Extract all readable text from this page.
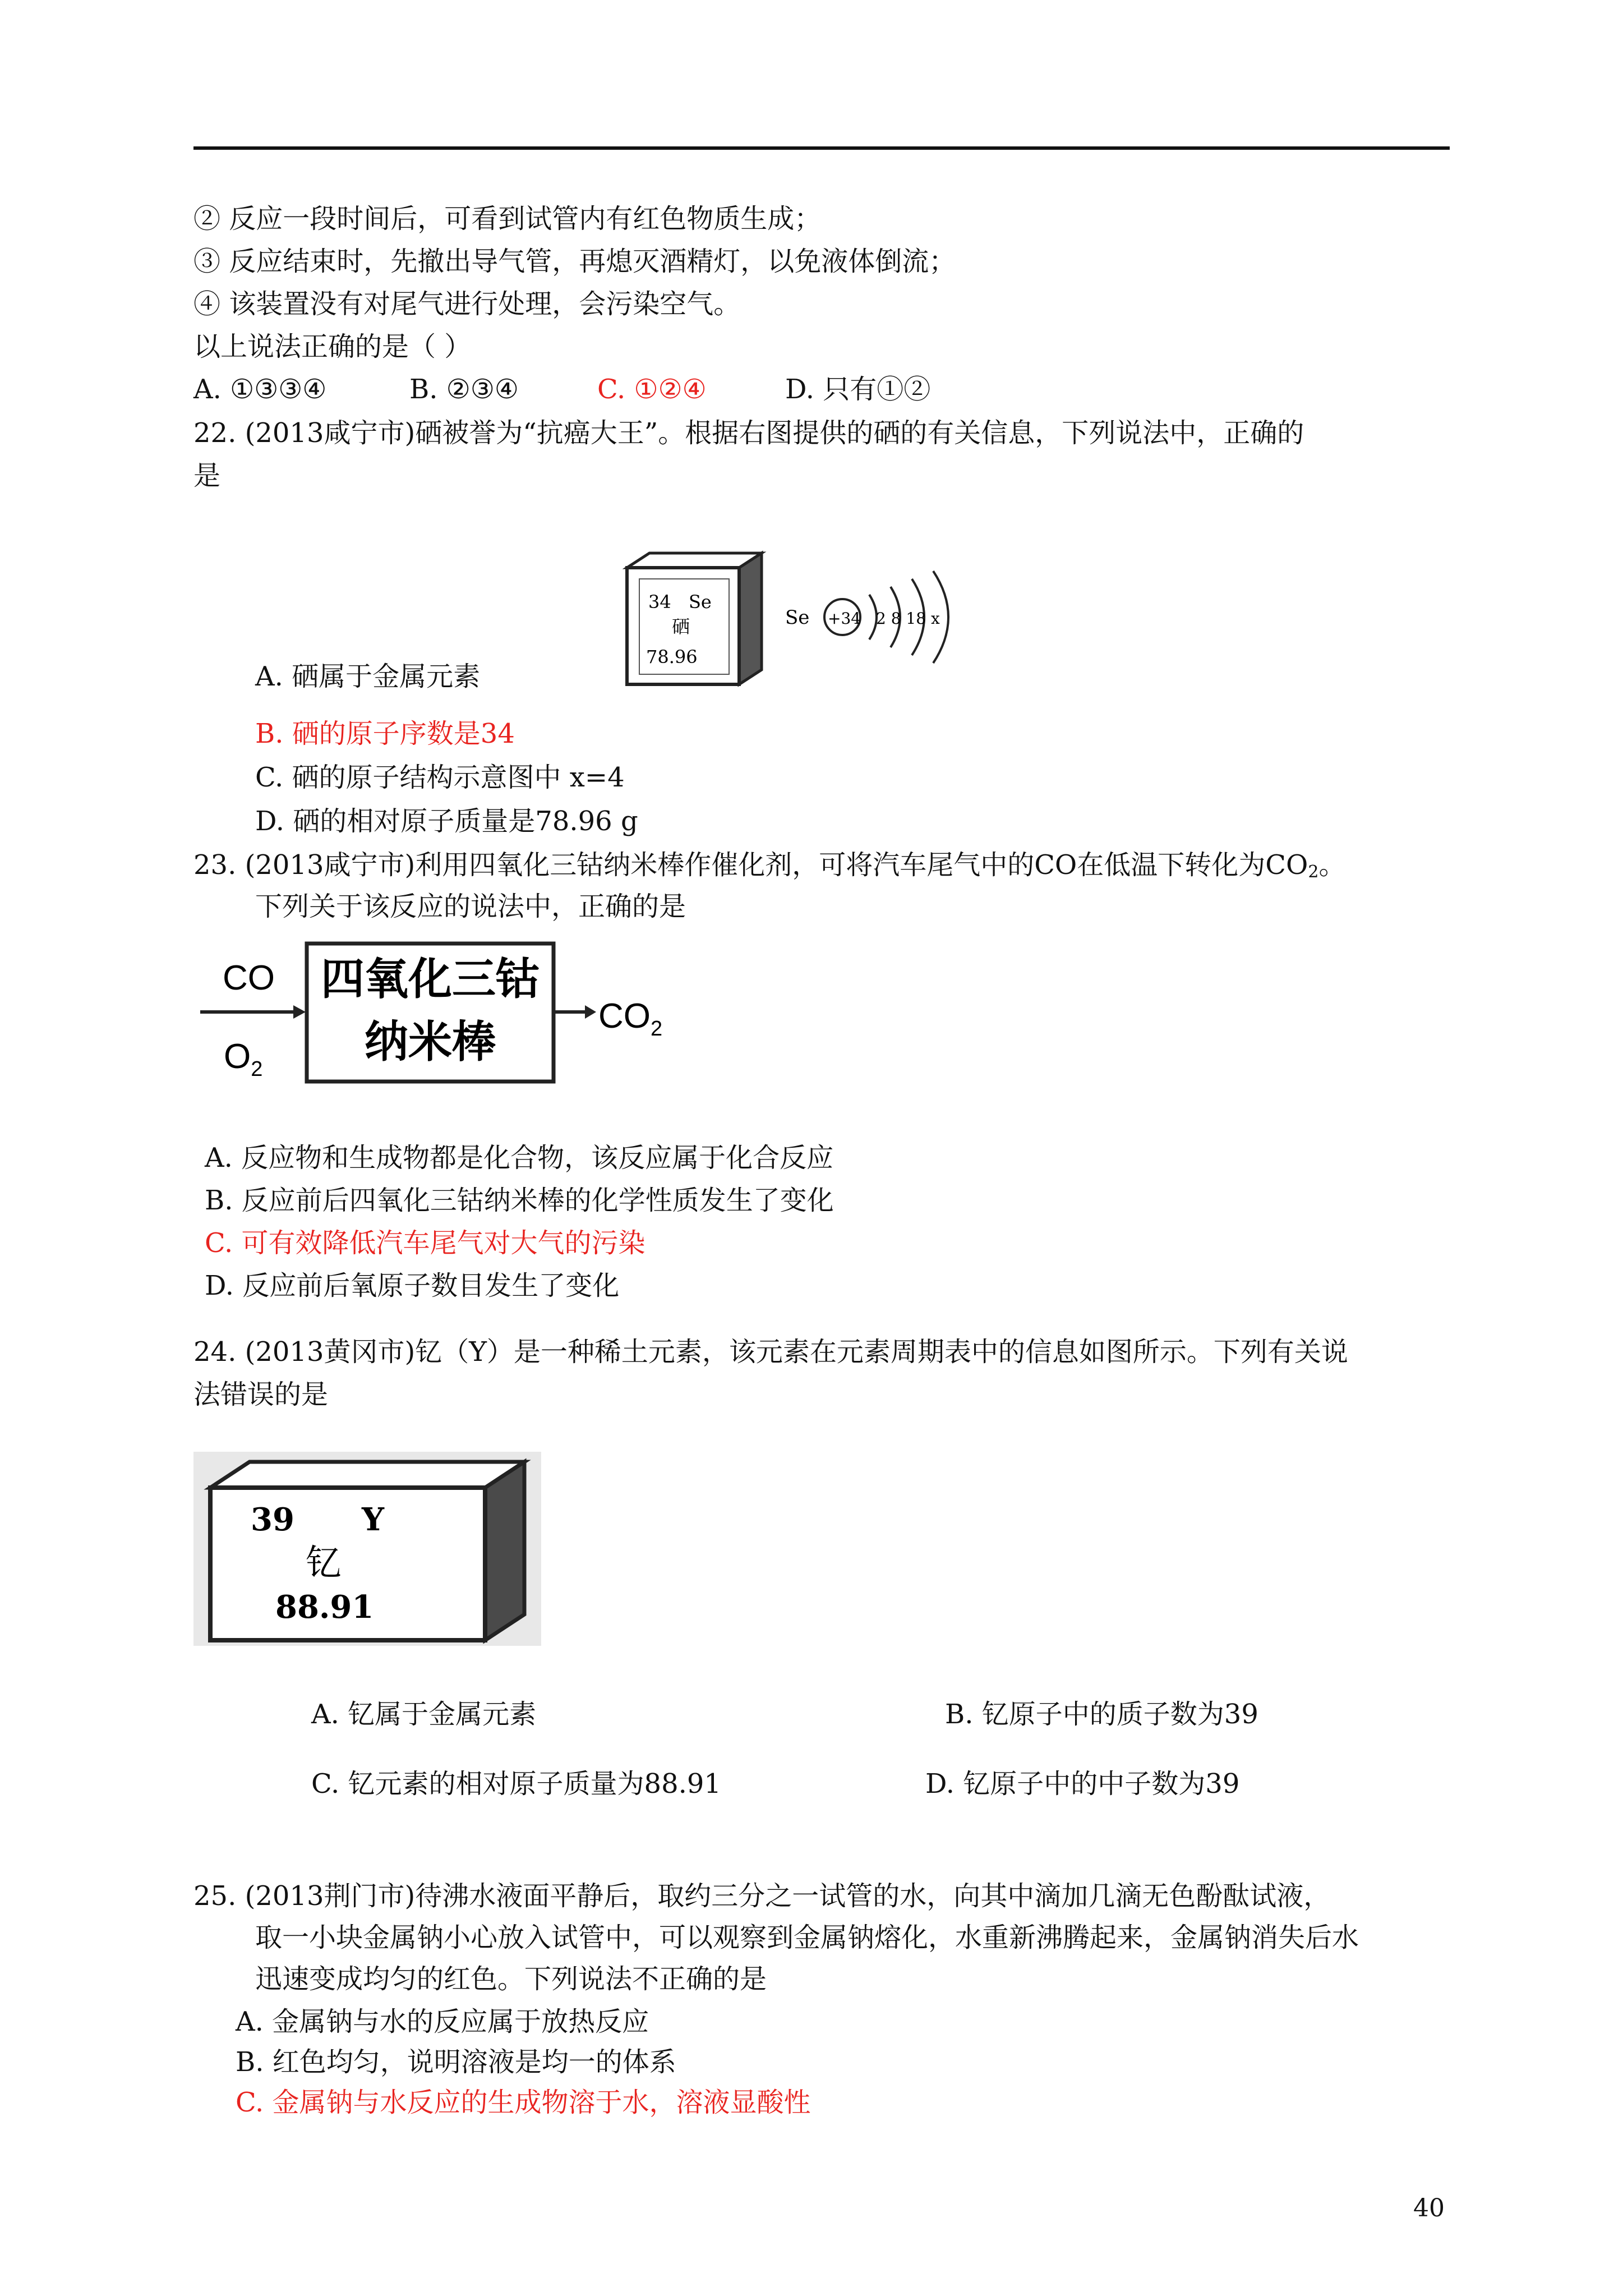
② 反应一段时间后，可看到试管内有红色物质生成；
③ 反应结束时，先撤出导气管，再熄灭酒精灯，以免液体倒流；
④ 该装置没有对尾气进行处理，会污染空气。
以上说法正确的是（ ）
A. ①③③④	B. ②③④	C. ①②④	D. 只有①②
22. (2013咸宁市)硒被誉为“抗癌大王”。根据右图提供的硒的有关信息，下列说法中，正确的
是
34 Se
硒
78.96
Se +34 2 8 18 x
A. 硒属于金属元素
B. 硒的原子序数是34
C. 硒的原子结构示意图中 x=4
D. 硒的相对原子质量是78.96 g
23. (2013咸宁市)利用四氧化三钴纳米棒作催化剂，可将汽车尾气中的CO在低温下转化为$CO_2$。
下列关于该反应的说法中，正确的是
CO
$O_2$
四氧化三钴
纳米棒
$CO_2$
A. 反应物和生成物都是化合物，该反应属于化合反应
B. 反应前后四氧化三钴纳米棒的化学性质发生了变化
C. 可有效降低汽车尾气对大气的污染
D. 反应前后氧原子数目发生了变化
24. (2013黄冈市)钇（Y）是一种稀土元素，该元素在元素周期表中的信息如图所示。下列有关说
法错误的是
39 Y
钇
88.91
A. 钇属于金属元素	B. 钇原子中的质子数为39
C. 钇元素的相对原子质量为88.91	D. 钇原子中的中子数为39
25. (2013荆门市)待沸水液面平静后，取约三分之一试管的水，向其中滴加几滴无色酚酞试液，
取一小块金属钠小心放入试管中，可以观察到金属钠熔化，水重新沸腾起来，金属钠消失后水
迅速变成均匀的红色。下列说法不正确的是
A. 金属钠与水的反应属于放热反应
B. 红色均匀，说明溶液是均一的体系
C. 金属钠与水反应的生成物溶于水，溶液显酸性
40
